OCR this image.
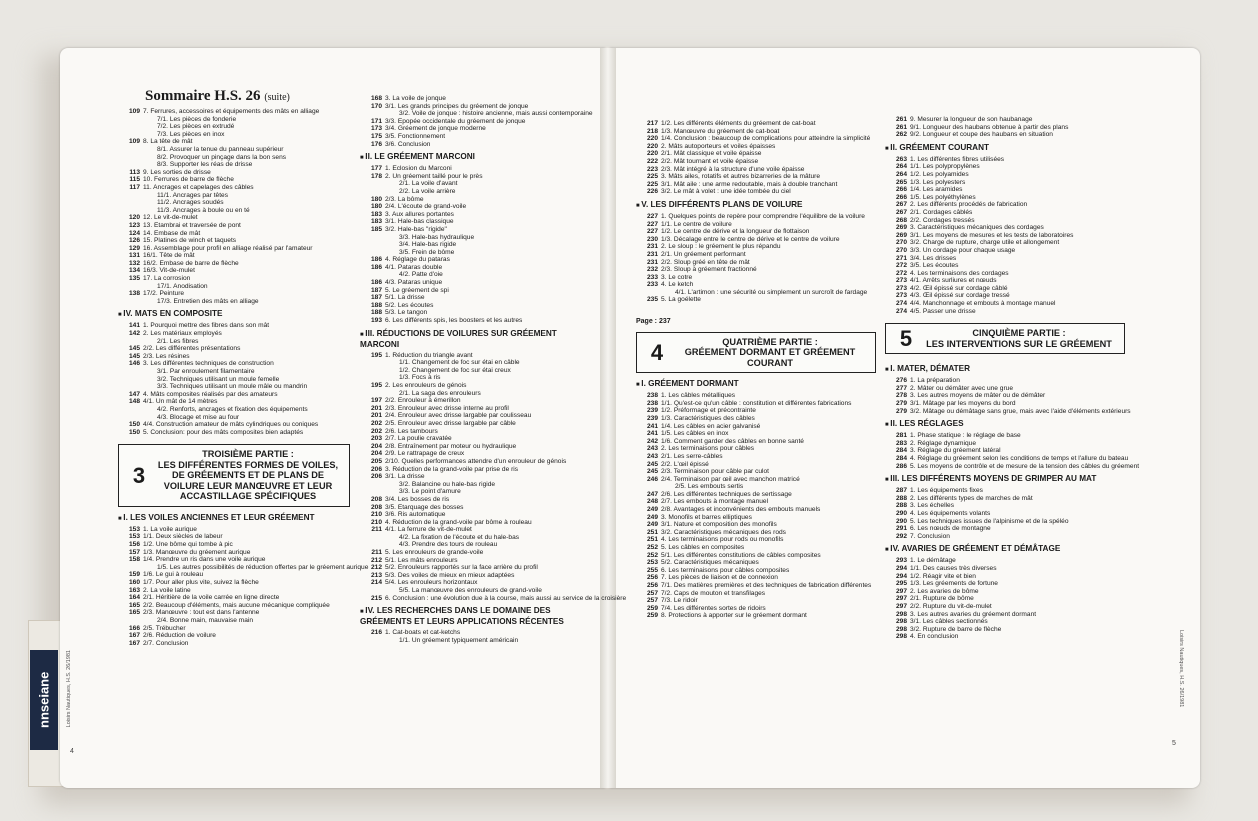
nnseiane
Sommaire H.S. 26 (suite)
109 7. Ferrures, accessoires et équipements des mâts en alliage
7/1. Les pièces de fonderie
7/2. Les pièces en extrudé
7/3. Les pièces en inox
109 8. La tête de mât
8/1. Assurer la tenue du panneau supérieur
8/2. Provoquer un pinçage dans la bon sens
8/3. Supporter les réas de drisse
113 9. Les sorties de drisse
115 10. Ferrures de barre de flèche
117 11. Ancrages et capelages des câbles
11/1. Ancrages par têtes
11/2. Ancrages soudés
11/3. Ancrages à boule ou en té
120 12. Le vit-de-mulet
123 13. Etambrai et traversée de pont
124 14. Embase de mât
126 15. Platines de winch et taquets
129 16. Assemblage pour profil en alliage réalisé par l'amateur
131 16/1. Tête de mât
132 16/2. Embase de barre de flèche
134 16/3. Vit-de-mulet
135 17. La corrosion
17/1. Anodisation
138 17/2. Peinture
17/3. Entretien des mâts en alliage
■ IV. MATS EN COMPOSITE
141 1. Pourquoi mettre des fibres dans son mât
142 2. Les matériaux employés
2/1. Les fibres
145 2/2. Les différentes présentations
145 2/3. Les résines
146 3. Les différentes techniques de construction
3/1. Par enroulement filamentaire
3/2. Techniques utilisant un moule femelle
3/3. Techniques utilisant un moule mâle ou mandrin
147 4. Mâts composites réalisés par des amateurs
148 4/1. Un mât de 14 mètres
4/2. Renforts, ancrages et fixation des équipements
4/3. Blocage et mise au four
150 4/4. Construction amateur de mâts cylindriques ou coniques
150 5. Conclusion: pour des mâts composites bien adaptés
3
TROISIÈME PARTIE :
LES DIFFÉRENTES FORMES DE VOILES, DE GRÉEMENTS ET DE PLANS DE VOILURE LEUR MANŒUVRE ET LEUR ACCASTILLAGE SPÉCIFIQUES
■ I. LES VOILES ANCIENNES ET LEUR GRÉEMENT
153 1. La voile aurique
153 1/1. Deux siècles de labeur
156 1/2. Une bôme qui tombe à pic
157 1/3. Manœuvre du gréement aurique
158 1/4. Prendre un ris dans une voile aurique
1/5. Les autres possibilités de réduction offertes par le gréement aurique
159 1/6. Le gui à rouleau
160 1/7. Pour aller plus vite, suivez la flèche
163 2. La voile latine
164 2/1. Héritière de la voile carrée en ligne directe
165 2/2. Beaucoup d'éléments, mais aucune mécanique compliquée
165 2/3. Manœuvre : tout est dans l'antenne
2/4. Bonne main, mauvaise main
166 2/5. Trébucher
167 2/6. Réduction de voilure
167 2/7. Conclusion
168 3. La voile de jonque
170 3/1. Les grands principes du gréement de jonque
3/2. Voile de jonque : histoire ancienne, mais aussi contemporaine
171 3/3. Epopée occidentale du gréement de jonque
173 3/4. Gréement de jonque moderne
175 3/5. Fonctionnement
176 3/6. Conclusion
■ II. LE GRÉEMENT MARCONI
177 1. Eclosion du Marconi
178 2. Un gréement taillé pour le près
2/1. La voile d'avant
2/2. La voile arrière
180 2/3. La bôme
180 2/4. L'écoute de grand-voile
183 3. Aux allures portantes
183 3/1. Hale-bas classique
185 3/2. Hale-bas "rigide"
3/3. Hale-bas hydraulique
3/4. Hale-bas rigide
3/5. Frein de bôme
186 4. Réglage du pataras
186 4/1. Pataras double
4/2. Patte d'oie
186 4/3. Pataras unique
187 5. Le gréement de spi
187 5/1. La drisse
188 5/2. Les écoutes
188 5/3. Le tangon
193 6. Les différents spis, les boosters et les autres
■ III. RÉDUCTIONS DE VOILURES SUR GRÉEMENT MARCONI
195 1. Réduction du triangle avant
1/1. Changement de foc sur étai en câble
1/2. Changement de foc sur étai creux
1/3. Focs à ris
195 2. Les enrouleurs de génois
2/1. La saga des enrouleurs
197 2/2. Enrouleur à émerillon
201 2/3. Enrouleur avec drisse interne au profil
201 2/4. Enrouleur avec drisse largable par coulisseau
202 2/5. Enrouleur avec drisse largable par câble
202 2/6. Les tambours
203 2/7. La poulie cravatée
204 2/8. Entraînement par moteur ou hydraulique
204 2/9. Le rattrapage de creux
205 2/10. Quelles performances attendre d'un enrouleur de génois
206 3. Réduction de la grand-voile par prise de ris
206 3/1. La drisse
3/2. Balancine ou hale-bas rigide
3/3. Le point d'amure
208 3/4. Les bosses de ris
208 3/5. Etarquage des bosses
210 3/6. Ris automatique
210 4. Réduction de la grand-voile par bôme à rouleau
211 4/1. La ferrure de vit-de-mulet
4/2. La fixation de l'écoute et du hale-bas
4/3. Prendre des tours de rouleau
211 5. Les enrouleurs de grande-voile
212 5/1. Les mâts enrouleurs
212 5/2. Enrouleurs rapportés sur la face arrière du profil
213 5/3. Des voiles de mieux en mieux adaptées
214 5/4. Les enrouleurs horizontaux
5/5. La manœuvre des enrouleurs de grand-voile
215 6. Conclusion : une évolution due à la course, mais aussi au service de la croisière
■ IV. LES RECHERCHES DANS LE DOMAINE DES GRÉEMENTS ET LEURS APPLICATIONS RÉCENTES
216 1. Cat-boats et cat-ketchs
1/1. Un gréement typiquement américain
4
Loisirs Nautiques, H.S. 26/1981
217 1/2. Les différents éléments du gréement de cat-boat
218 1/3. Manœuvre du gréement de cat-boat
220 1/4. Conclusion : beaucoup de complications pour atteindre la simplicité
220 2. Mâts autoporteurs et voiles épaisses
220 2/1. Mât classique et voile épaisse
222 2/2. Mât tournant et voile épaisse
223 2/3. Mât intégré à la structure d'une voile épaisse
225 3. Mâts ailes, rotatifs et autres bizarreries de la mâture
225 3/1. Mât aile : une arme redoutable, mais à double tranchant
226 3/2. Le mât à volet : une idée tombée du ciel
■ V. LES DIFFÉRENTS PLANS DE VOILURE
227 1. Quelques points de repère pour comprendre l'équilibre de la voilure
227 1/1. Le centre de voilure
227 1/2. Le centre de dérive et la longueur de flottaison
230 1/3. Décalage entre le centre de dérive et le centre de voilure
231 2. Le sloup : le gréement le plus répandu
231 2/1. Un gréement performant
231 2/2. Sloup gréé en tête de mât
232 2/3. Sloup à gréement fractionné
233 3. Le cotre
233 4. Le ketch
4/1. L'artimon : une sécurité ou simplement un surcroît de fardage
235 5. La goélette
Page : 237
4	QUATRIÈME PARTIE :
GRÉEMENT DORMANT ET GRÉEMENT COURANT
■ I. GRÉEMENT DORMANT
238 1. Les câbles métalliques
238 1/1. Qu'est-ce qu'un câble : constitution et différentes fabrications
239 1/2. Préformage et précontrainte
239 1/3. Caractéristiques des câbles
241 1/4. Les câbles en acier galvanisé
241 1/5. Les câbles en inox
242 1/6. Comment garder des câbles en bonne santé
243 2. Les terminaisons pour câbles
243 2/1. Les serre-câbles
245 2/2. L'œil épissé
245 2/3. Terminaison pour câble par culot
246 2/4. Terminaison par œil avec manchon matricé
2/5. Les embouts sertis
247 2/6. Les différentes techniques de sertissage
248 2/7. Les embouts à montage manuel
249 2/8. Avantages et inconvénients des embouts manuels
249 3. Monofils et barres elliptiques
249 3/1. Nature et composition des monofils
251 3/2. Caractéristiques mécaniques des rods
251 4. Les terminaisons pour rods ou monofils
252 5. Les câbles en composites
252 5/1. Les différentes constitutions de câbles composites
253 5/2. Caractéristiques mécaniques
255 6. Les terminaisons pour câbles composites
256 7. Les pièces de liaison et de connexion
256 7/1. Des matières premières et des techniques de fabrication différentes
257 7/2. Caps de mouton et transfilages
257 7/3. Le ridoir
259 7/4. Les différentes sortes de ridoirs
259 8. Protections à apporter sur le gréement dormant
261 9. Mesurer la longueur de son haubanage
261 9/1. Longueur des haubans obtenue à partir des plans
262 9/2. Longueur et coupe des haubans en situation
■ II. GRÉEMENT COURANT
263 1. Les différentes fibres utilisées
264 1/1. Les polypropylènes
264 1/2. Les polyamides
265 1/3. Les polyesters
266 1/4. Les aramides
266 1/5. Les polyéthylènes
267 2. Les différents procédés de fabrication
267 2/1. Cordages câblés
268 2/2. Cordages tressés
269 3. Caractéristiques mécaniques des cordages
269 3/1. Les moyens de mesures et les tests de laboratoires
270 3/2. Charge de rupture, charge utile et allongement
270 3/3. Un cordage pour chaque usage
271 3/4. Les drisses
272 3/5. Les écoutes
272 4. Les terminaisons des cordages
273 4/1. Arrêts surliures et nœuds
273 4/2. Œil épissé sur cordage câblé
273 4/3. Œil épissé sur cordage tressé
274 4/4. Manchonnage et embouts à montage manuel
274 4/5. Passer une drisse
5	CINQUIÈME PARTIE :
LES INTERVENTIONS SUR LE GRÉEMENT
■ I. MATER, DÉMATER
276 1. La préparation
277 2. Mâter ou démâter avec une grue
278 3. Les autres moyens de mâter ou de démâter
279 3/1. Mâtage par les moyens du bord
279 3/2. Mâtage ou démâtage sans grue, mais avec l'aide d'éléments extérieurs
■ II. LES RÉGLAGES
281 1. Phase statique : le réglage de base
283 2. Réglage dynamique
284 3. Réglage du gréement latéral
284 4. Réglage du gréement selon les conditions de temps et l'allure du bateau
286 5. Les moyens de contrôle et de mesure de la tension des câbles du gréement
■ III. LES DIFFÉRENTS MOYENS DE GRIMPER AU MAT
287 1. Les équipements fixes
288 2. Les différents types de marches de mât
288 3. Les échelles
290 4. Les équipements volants
290 5. Les techniques issues de l'alpinisme et de la spéléo
291 6. Les nœuds de montagne
292 7. Conclusion
■ IV. AVARIES DE GRÉEMENT ET DÉMÂTAGE
293 1. Le démâtage
294 1/1. Des causes très diverses
294 1/2. Réagir vite et bien
295 1/3. Les gréements de fortune
297 2. Les avaries de bôme
297 2/1. Rupture de bôme
297 2/2. Rupture du vit-de-mulet
298 3. Les autres avaries du gréement dormant
298 3/1. Les câbles sectionnés
298 3/2. Rupture de barre de flèche
298 4. En conclusion
5
Loisirs Nautiques, H.S. 26/1981
